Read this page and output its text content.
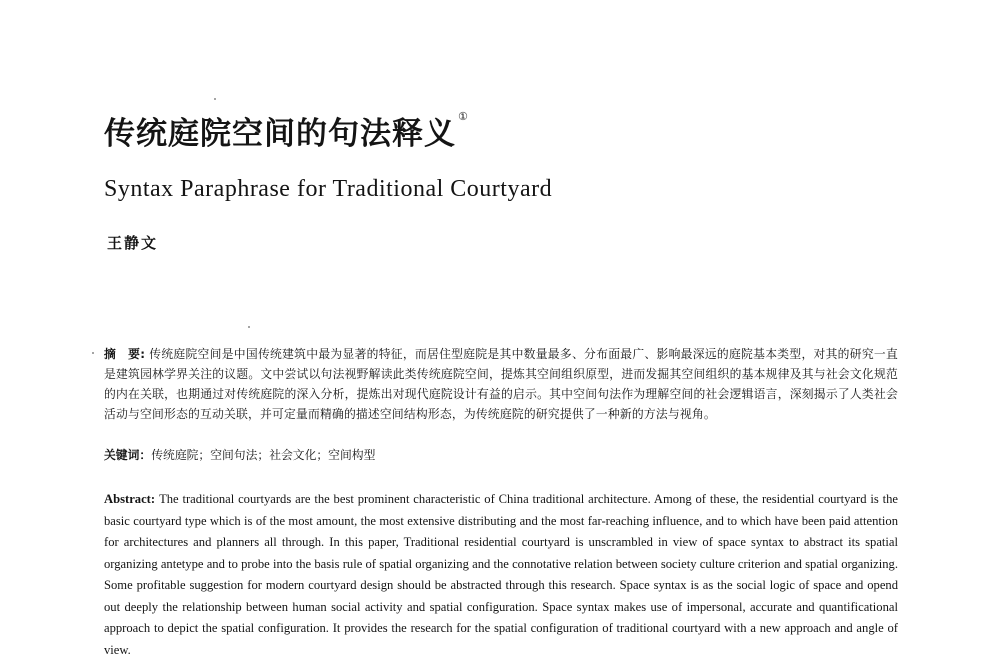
传统庭院空间的句法释义 ①
Syntax Paraphrase for Traditional Courtyard
王静文
摘　要: 传统庭院空间是中国传统建筑中最为显著的特征，而居住型庭院是其中数量最多、分布面最广、影响最深远的庭院基本类型，对其的研究一直是建筑园林学界关注的议题。文中尝试以句法视野解读此类传统庭院空间，提炼其空间组织原型，进而发掘其空间组织的基本规律及其与社会文化规范的内在关联，也期通过对传统庭院的深入分析，提炼出对现代庭院设计有益的启示。其中空间句法作为理解空间的社会逻辑语言，深刻揭示了人类社会活动与空间形态的互动关联，并可定量而精确的描述空间结构形态，为传统庭院的研究提供了一种新的方法与视角。
关键词：传统庭院；空间句法；社会文化；空间构型
Abstract: The traditional courtyards are the best prominent characteristic of China traditional architecture. Among of these, the residential courtyard is the basic courtyard type which is of the most amount, the most extensive distributing and the most far-reaching influence, and to which have been paid attention for architectures and planners all through. In this paper, Traditional residential courtyard is unscrambled in view of space syntax to abstract its spatial organizing antetype and to probe into the basis rule of spatial organizing and the connotative relation between society culture criterion and spatial organizing. Some profitable suggestion for modern courtyard design should be abstracted through this research. Space syntax is as the social logic of space and opend out deeply the relationship between human social activity and spatial configuration. Space syntax makes use of impersonal, accurate and quantificational approach to depict the spatial configuration. It provides the research for the spatial configuration of traditional courtyard with a new approach and angle of view.
